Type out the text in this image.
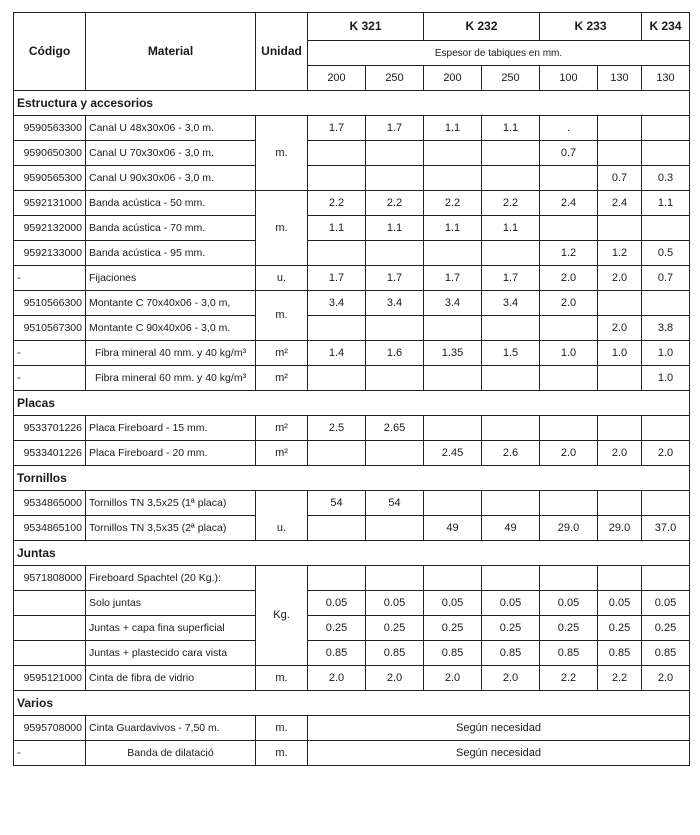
Código	Material	Unidad	K 321		K 232		K 233		K 234
			Espesor de tabiques en mm.						
			200	250	200	250	100	130	130
Estructura y accesorios									
9590563300	Canal U 48x30x06 - 3,0 m.	m.	1.7	1.7	1.1	1.1	.		
9590650300	Canal U 70x30x06 - 3,0 m.						0.7		
9590565300	Canal U 90x30x06 - 3,0 m.							0.7	0.3
9592131000	Banda acústica - 50 mm.	m.	2.2	2.2	2.2	2.2	2.4	2.4	1.1
9592132000	Banda acústica - 70 mm.		1.1	1.1	1.1	1.1			
9592133000	Banda acústica - 95 mm.						1.2	1.2	0.5
-	Fijaciones	u.	1.7	1.7	1.7	1.7	2.0	2.0	0.7
9510566300	Montante C 70x40x06 - 3,0 m,	m.	3.4	3.4	3.4	3.4	2.0		
9510567300	Montante C 90x40x06 - 3,0 m.							2.0	3.8
-	Fibra mineral 40 mm. y 40 kg/m³	m²	1.4	1.6	1.35	1.5	1.0	1.0	1.0
-	Fibra mineral 60 mm. y 40 kg/m³	m²							1.0
Placas									
9533701226	Placa Fireboard - 15 mm.	m²	2.5	2.65					
9533401226	Placa Fireboard - 20 mm.	m²			2.45	2.6	2.0	2.0	2.0
Tornillos									
9534865000	Tornillos TN 3,5x25 (1ª placa)	u.	54	54					
9534865100	Tornillos TN 3,5x35 (2ª placa)				49	49	29.0	29.0	37.0
Juntas									
9571808000	Fireboard Spachtel (20 Kg.):	Kg.							
	Solo juntas		0.05	0.05	0.05	0.05	0.05	0.05	0.05
	Juntas + capa fina superficial		0.25	0.25	0.25	0.25	0.25	0.25	0.25
	Juntas + plastecido cara vista		0.85	0.85	0.85	0.85	0.85	0.85	0.85
9595121000	Cinta de fibra de vidrio	m.	2.0	2.0	2.0	2.0	2.2	2.2	2.0
Varios									
9595708000	Cinta Guardavivos - 7,50 m.	m.	Según necesidad						
-	Banda de dilatació	m.	Según necesidad						
